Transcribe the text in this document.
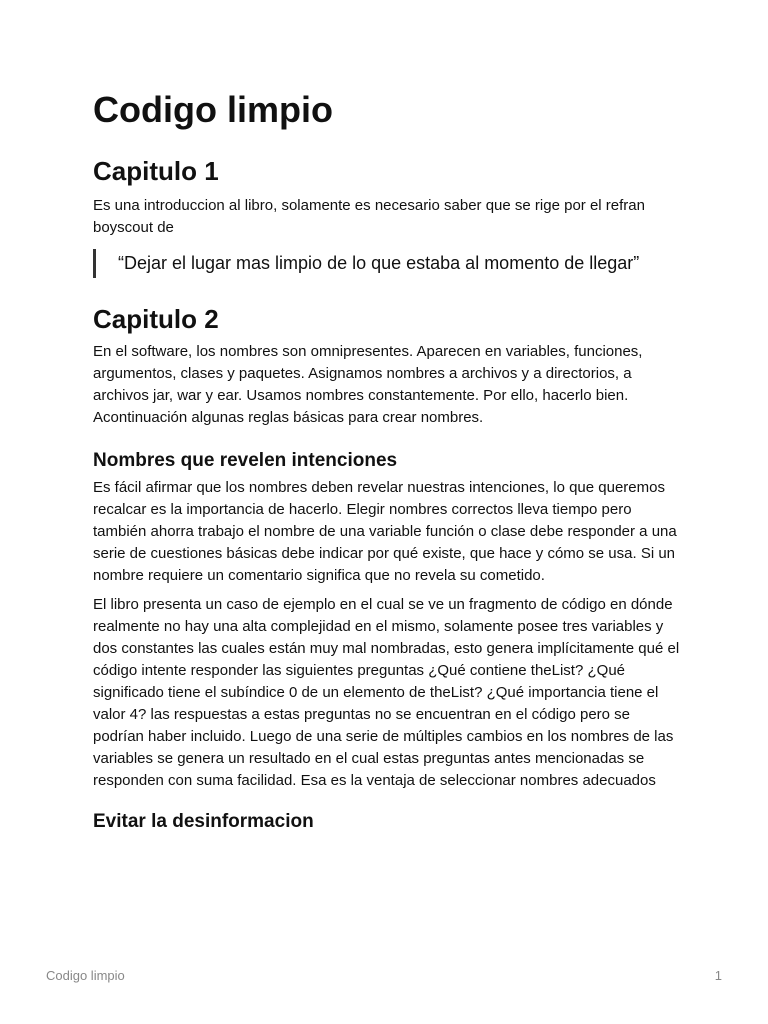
Codigo limpio
Capitulo 1

Es una introduccion al libro, solamente es necesario saber que se rige por el refran boyscout de

“Dejar el lugar mas limpio de lo que estaba al momento de llegar”

Capitulo 2

En el software, los nombres son omnipresentes. Aparecen en variables, funciones, argumentos, clases y paquetes. Asignamos nombres a archivos y a directorios, a archivos jar, war y ear. Usamos nombres constantemente. Por ello, hacerlo bien. Acontinuación algunas reglas básicas para crear nombres.

Nombres que revelen intenciones

Es fácil afirmar que los nombres deben revelar nuestras intenciones, lo que queremos recalcar es la importancia de hacerlo. Elegir nombres correctos lleva tiempo pero también ahorra trabajo el nombre de una variable función o clase debe responder a una serie de cuestiones básicas debe indicar por qué existe, que hace y cómo se usa. Si un nombre requiere un comentario significa que no revela su cometido.

El libro presenta un caso de ejemplo en el cual se ve un fragmento de código en dónde realmente no hay una alta complejidad en el mismo, solamente posee tres variables y dos constantes las cuales están muy mal nombradas, esto genera implícitamente qué el código intente responder las siguientes preguntas ¿Qué contiene theList? ¿Qué significado tiene el subíndice 0 de un elemento de theList? ¿Qué importancia tiene el valor 4? las respuestas a estas preguntas no se encuentran en el código pero se podrían haber incluido. Luego de una serie de múltiples cambios en los nombres de las variables se genera un resultado en el cual estas preguntas antes mencionadas se responden con suma facilidad. Esa es la ventaja de seleccionar nombres adecuados

Evitar la desinformacion
Codigo limpio	1
